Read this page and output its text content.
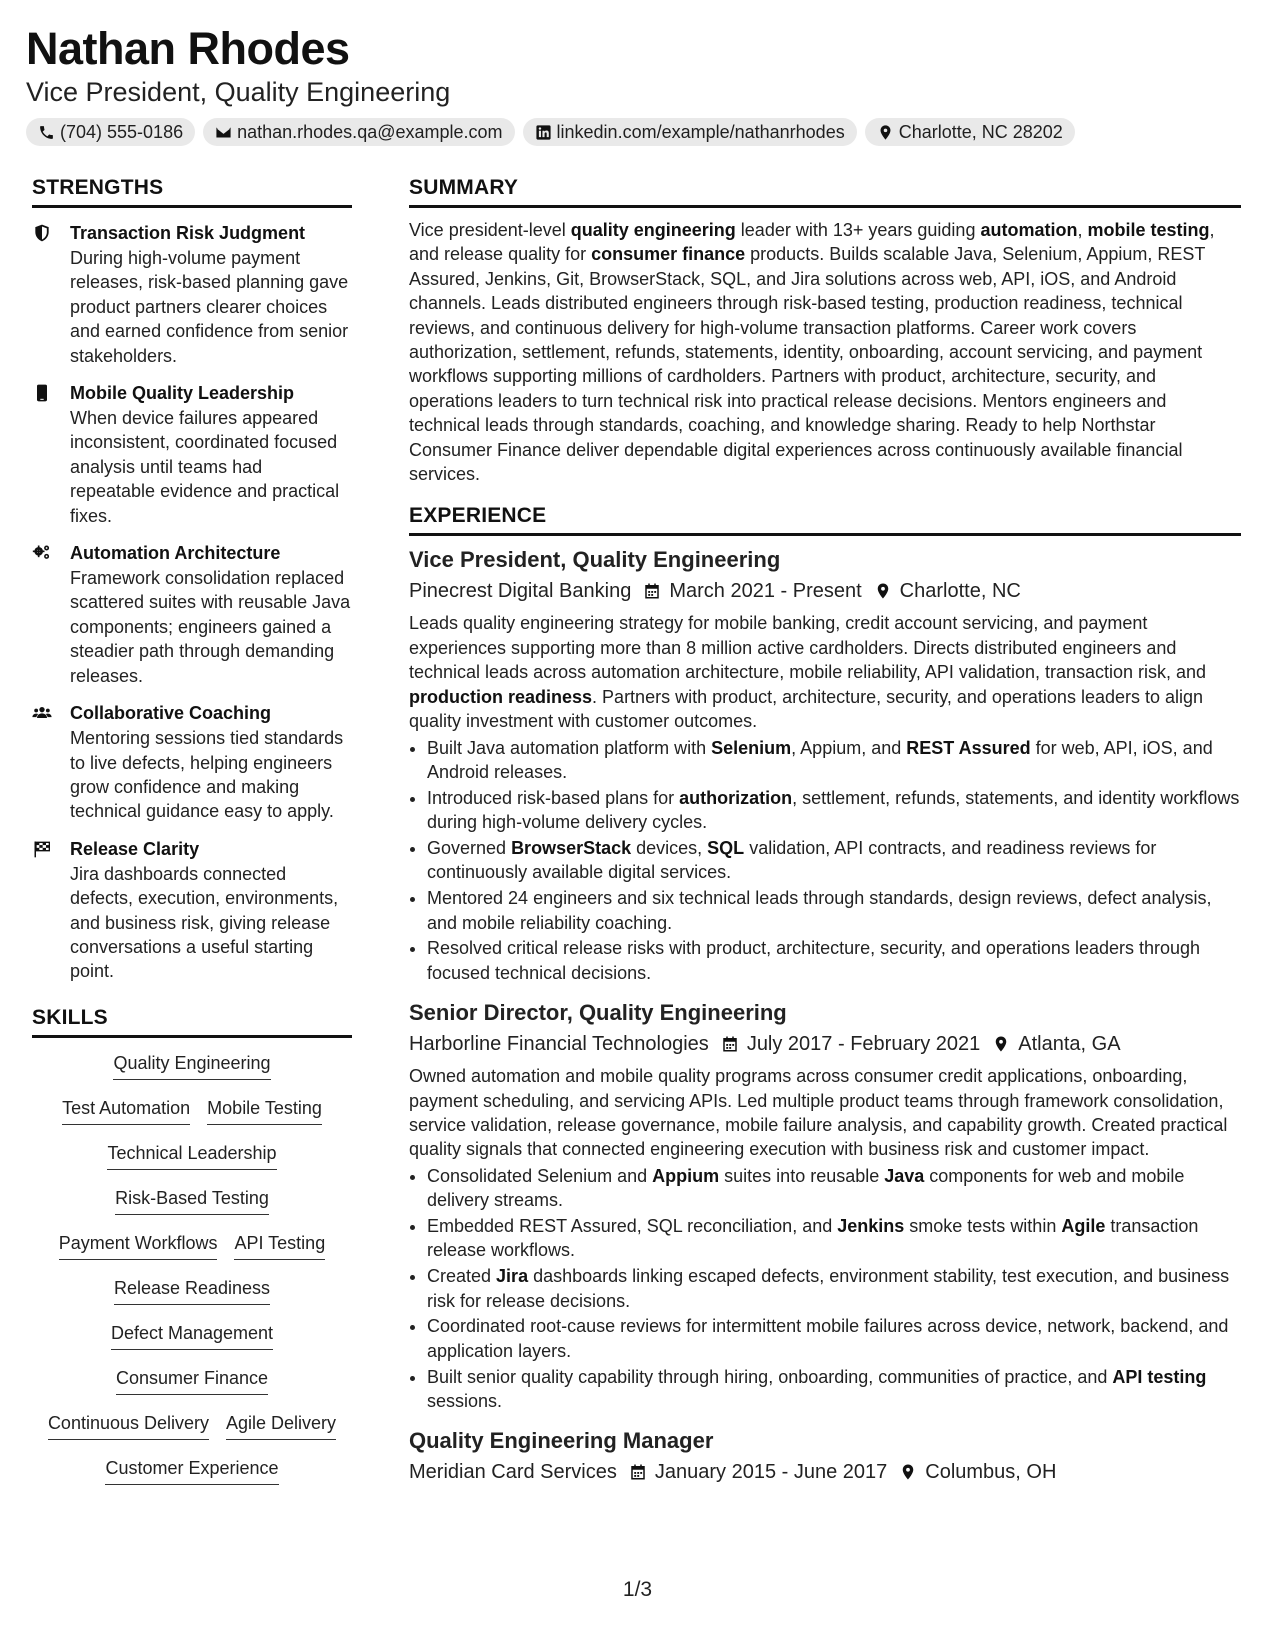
Nathan Rhodes
Vice President, Quality Engineering
(704) 555-0186	nathan.rhodes.qa@example.com	linkedin.com/example/nathanrhodes	Charlotte, NC 28202
STRENGTHS
Transaction Risk Judgment
During high-volume payment releases, risk-based planning gave product partners clearer choices and earned confidence from senior stakeholders.
Mobile Quality Leadership
When device failures appeared inconsistent, coordinated focused analysis until teams had repeatable evidence and practical fixes.
Automation Architecture
Framework consolidation replaced scattered suites with reusable Java components; engineers gained a steadier path through demanding releases.
Collaborative Coaching
Mentoring sessions tied standards to live defects, helping engineers grow confidence and making technical guidance easy to apply.
Release Clarity
Jira dashboards connected defects, execution, environments, and business risk, giving release conversations a useful starting point.
SKILLS
Quality Engineering
Test Automation Mobile Testing
Technical Leadership
Risk-Based Testing
Payment Workflows API Testing
Release Readiness
Defect Management
Consumer Finance
Continuous Delivery Agile Delivery
Customer Experience
SUMMARY
Vice president-level quality engineering leader with 13+ years guiding automation, mobile testing, and release quality for consumer finance products. Builds scalable Java, Selenium, Appium, REST Assured, Jenkins, Git, BrowserStack, SQL, and Jira solutions across web, API, iOS, and Android channels. Leads distributed engineers through risk-based testing, production readiness, technical reviews, and continuous delivery for high-volume transaction platforms. Career work covers authorization, settlement, refunds, statements, identity, onboarding, account servicing, and payment workflows supporting millions of cardholders. Partners with product, architecture, security, and operations leaders to turn technical risk into practical release decisions. Mentors engineers and technical leads through standards, coaching, and knowledge sharing. Ready to help Northstar Consumer Finance deliver dependable digital experiences across continuously available financial services.
EXPERIENCE
Vice President, Quality Engineering
Pinecrest Digital Banking March 2021 - Present Charlotte, NC
Leads quality engineering strategy for mobile banking, credit account servicing, and payment experiences supporting more than 8 million active cardholders. Directs distributed engineers and technical leads across automation architecture, mobile reliability, API validation, transaction risk, and production readiness. Partners with product, architecture, security, and operations leaders to align quality investment with customer outcomes.
• Built Java automation platform with Selenium, Appium, and REST Assured for web, API, iOS, and Android releases.
• Introduced risk-based plans for authorization, settlement, refunds, statements, and identity workflows during high-volume delivery cycles.
• Governed BrowserStack devices, SQL validation, API contracts, and readiness reviews for continuously available digital services.
• Mentored 24 engineers and six technical leads through standards, design reviews, defect analysis, and mobile reliability coaching.
• Resolved critical release risks with product, architecture, security, and operations leaders through focused technical decisions.
Senior Director, Quality Engineering
Harborline Financial Technologies July 2017 - February 2021 Atlanta, GA
Owned automation and mobile quality programs across consumer credit applications, onboarding, payment scheduling, and servicing APIs. Led multiple product teams through framework consolidation, service validation, release governance, mobile failure analysis, and capability growth. Created practical quality signals that connected engineering execution with business risk and customer impact.
• Consolidated Selenium and Appium suites into reusable Java components for web and mobile delivery streams.
• Embedded REST Assured, SQL reconciliation, and Jenkins smoke tests within Agile transaction release workflows.
• Created Jira dashboards linking escaped defects, environment stability, test execution, and business risk for release decisions.
• Coordinated root-cause reviews for intermittent mobile failures across device, network, backend, and application layers.
• Built senior quality capability through hiring, onboarding, communities of practice, and API testing sessions.
Quality Engineering Manager
Meridian Card Services January 2015 - June 2017 Columbus, OH
1/3
